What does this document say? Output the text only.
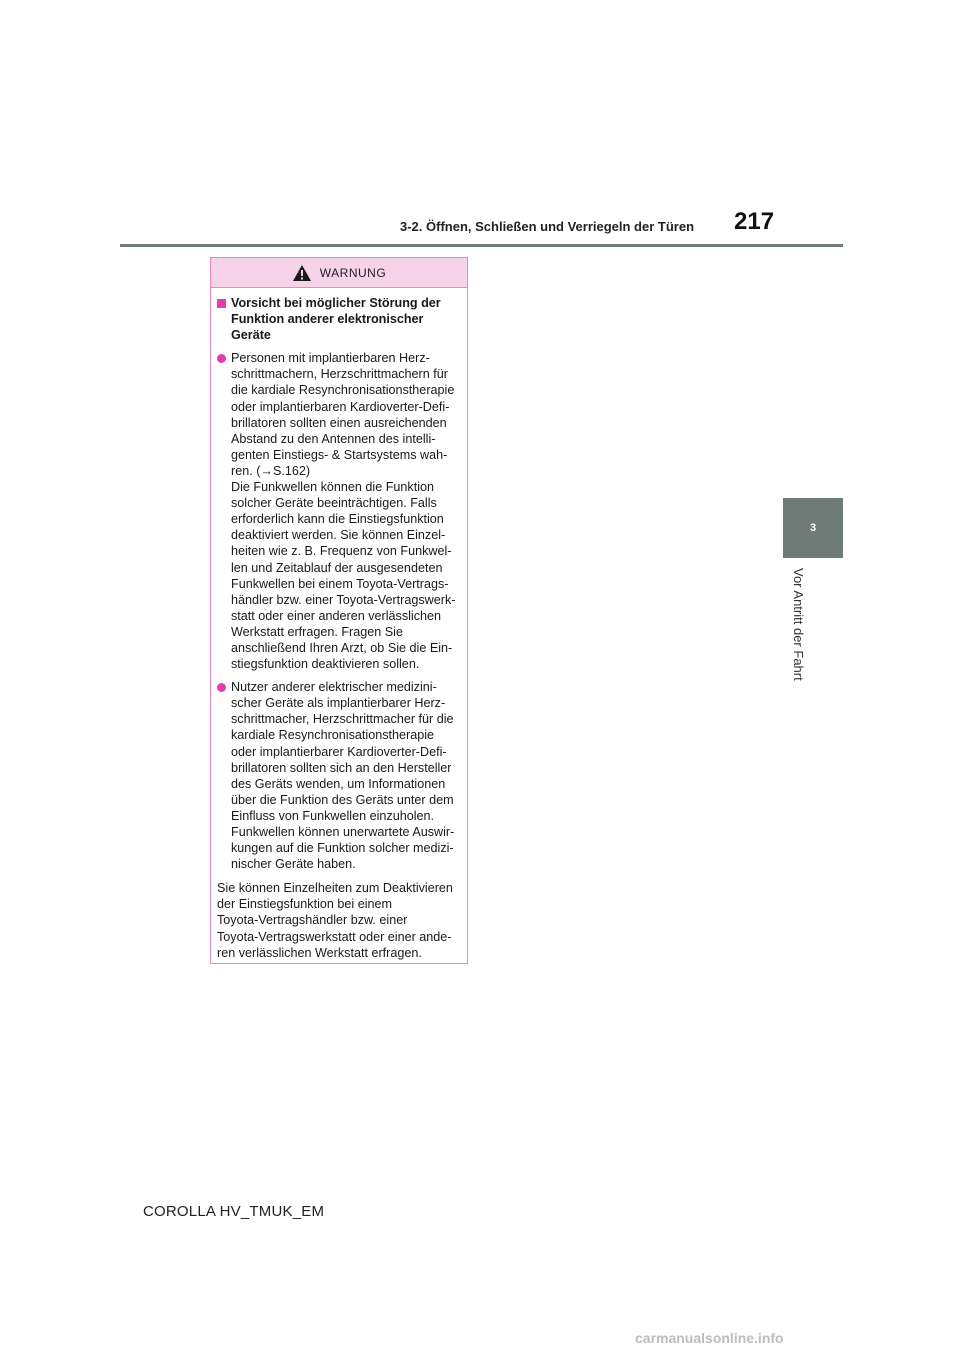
3-2. Öffnen, Schließen und Verriegeln der Türen 217
3
Vor Antritt der Fahrt
WARNUNG
Vorsicht bei möglicher Störung der Funktion anderer elektronischer Geräte
Personen mit implantierbaren Herz-
schrittmachern, Herzschrittmachern für
die kardiale Resynchronisationstherapie
oder implantierbaren Kardioverter-Defi-
brillatoren sollten einen ausreichenden
Abstand zu den Antennen des intelli-
genten Einstiegs- & Startsystems wah-
ren. (→S.162)
Die Funkwellen können die Funktion
solcher Geräte beeinträchtigen. Falls
erforderlich kann die Einstiegsfunktion
deaktiviert werden. Sie können Einzel-
heiten wie z. B. Frequenz von Funkwel-
len und Zeitablauf der ausgesendeten
Funkwellen bei einem Toyota-Vertrags-
händler bzw. einer Toyota-Vertragswerk-
statt oder einer anderen verlässlichen
Werkstatt erfragen. Fragen Sie
anschließend Ihren Arzt, ob Sie die Ein-
stiegsfunktion deaktivieren sollen.
Nutzer anderer elektrischer medizini-
scher Geräte als implantierbarer Herz-
schrittmacher, Herzschrittmacher für die
kardiale Resynchronisationstherapie
oder implantierbarer Kardioverter-Defi-
brillatoren sollten sich an den Hersteller
des Geräts wenden, um Informationen
über die Funktion des Geräts unter dem
Einfluss von Funkwellen einzuholen.
Funkwellen können unerwartete Auswir-
kungen auf die Funktion solcher medizi-
nischer Geräte haben.
Sie können Einzelheiten zum Deaktivieren
der Einstiegsfunktion bei einem
Toyota-Vertragshändler bzw. einer
Toyota-Vertragswerkstatt oder einer ande-
ren verlässlichen Werkstatt erfragen.
COROLLA HV_TMUK_EM
carmanualsonline.info
